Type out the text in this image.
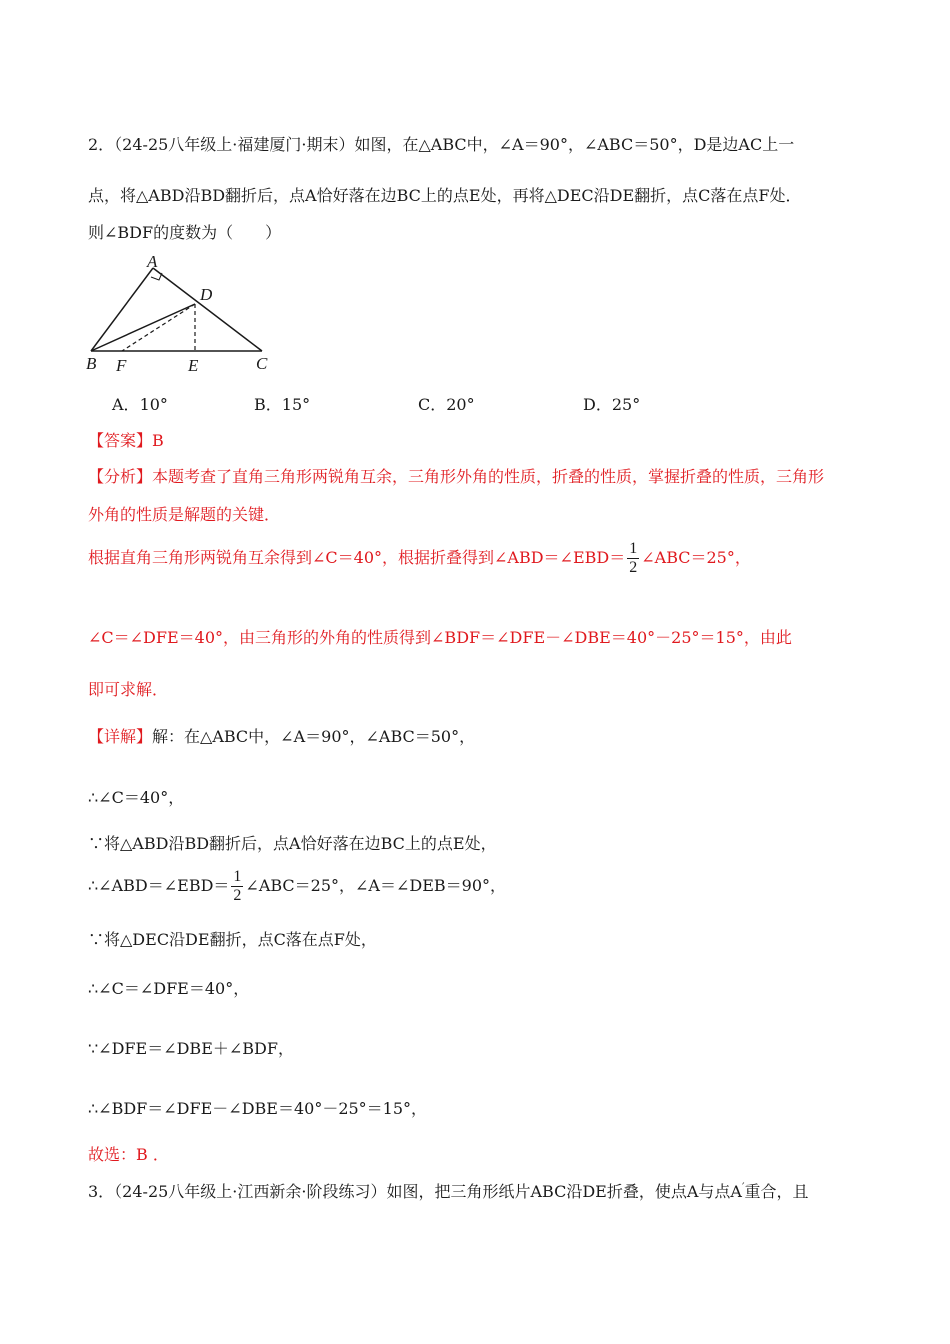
2．（24-25八年级上·福建厦门·期末）如图，在△ABC中，∠A＝90°，∠ABC＝50°，D是边AC上一
点，将△ABD沿BD翻折后，点A恰好落在边BC上的点E处，再将△DEC沿DE翻折，点C落在点F处．
则∠BDF的度数为（　　）
A
D
B F	E	C
A．10°	B．15°	C．20°	D．25°
【答案】B
【分析】本题考查了直角三角形两锐角互余，三角形外角的性质，折叠的性质，掌握折叠的性质，三角形
外角的性质是解题的关键．
根据直角三角形两锐角互余得到∠C＝40°，根据折叠得到∠ABD＝∠EBD＝ $\frac{1}{2}$ ∠ABC＝25°，
∠C＝∠DFE＝40°，由三角形的外角的性质得到∠BDF＝∠DFE－∠DBE＝40°－25°＝15°，由此
即可求解．
【详解】解：在△ABC中，∠A＝90°，∠ABC＝50°，
∴∠C＝40°，
∵将△ABD沿BD翻折后，点A恰好落在边BC上的点E处，
∴∠ABD＝∠EBD＝ $\frac{1}{2}$ ∠ABC＝25°，∠A＝∠DEB＝90°，
∵将△DEC沿DE翻折，点C落在点F处，
∴∠C＝∠DFE＝40°，
∵∠DFE＝∠DBE＋∠BDF，
∴∠BDF＝∠DFE－∠DBE＝40°－25°＝15°，
故选：B ．
3．（24-25八年级上·江西新余·阶段练习）如图，把三角形纸片ABC沿DE折叠，使点A与点A′重合，且
